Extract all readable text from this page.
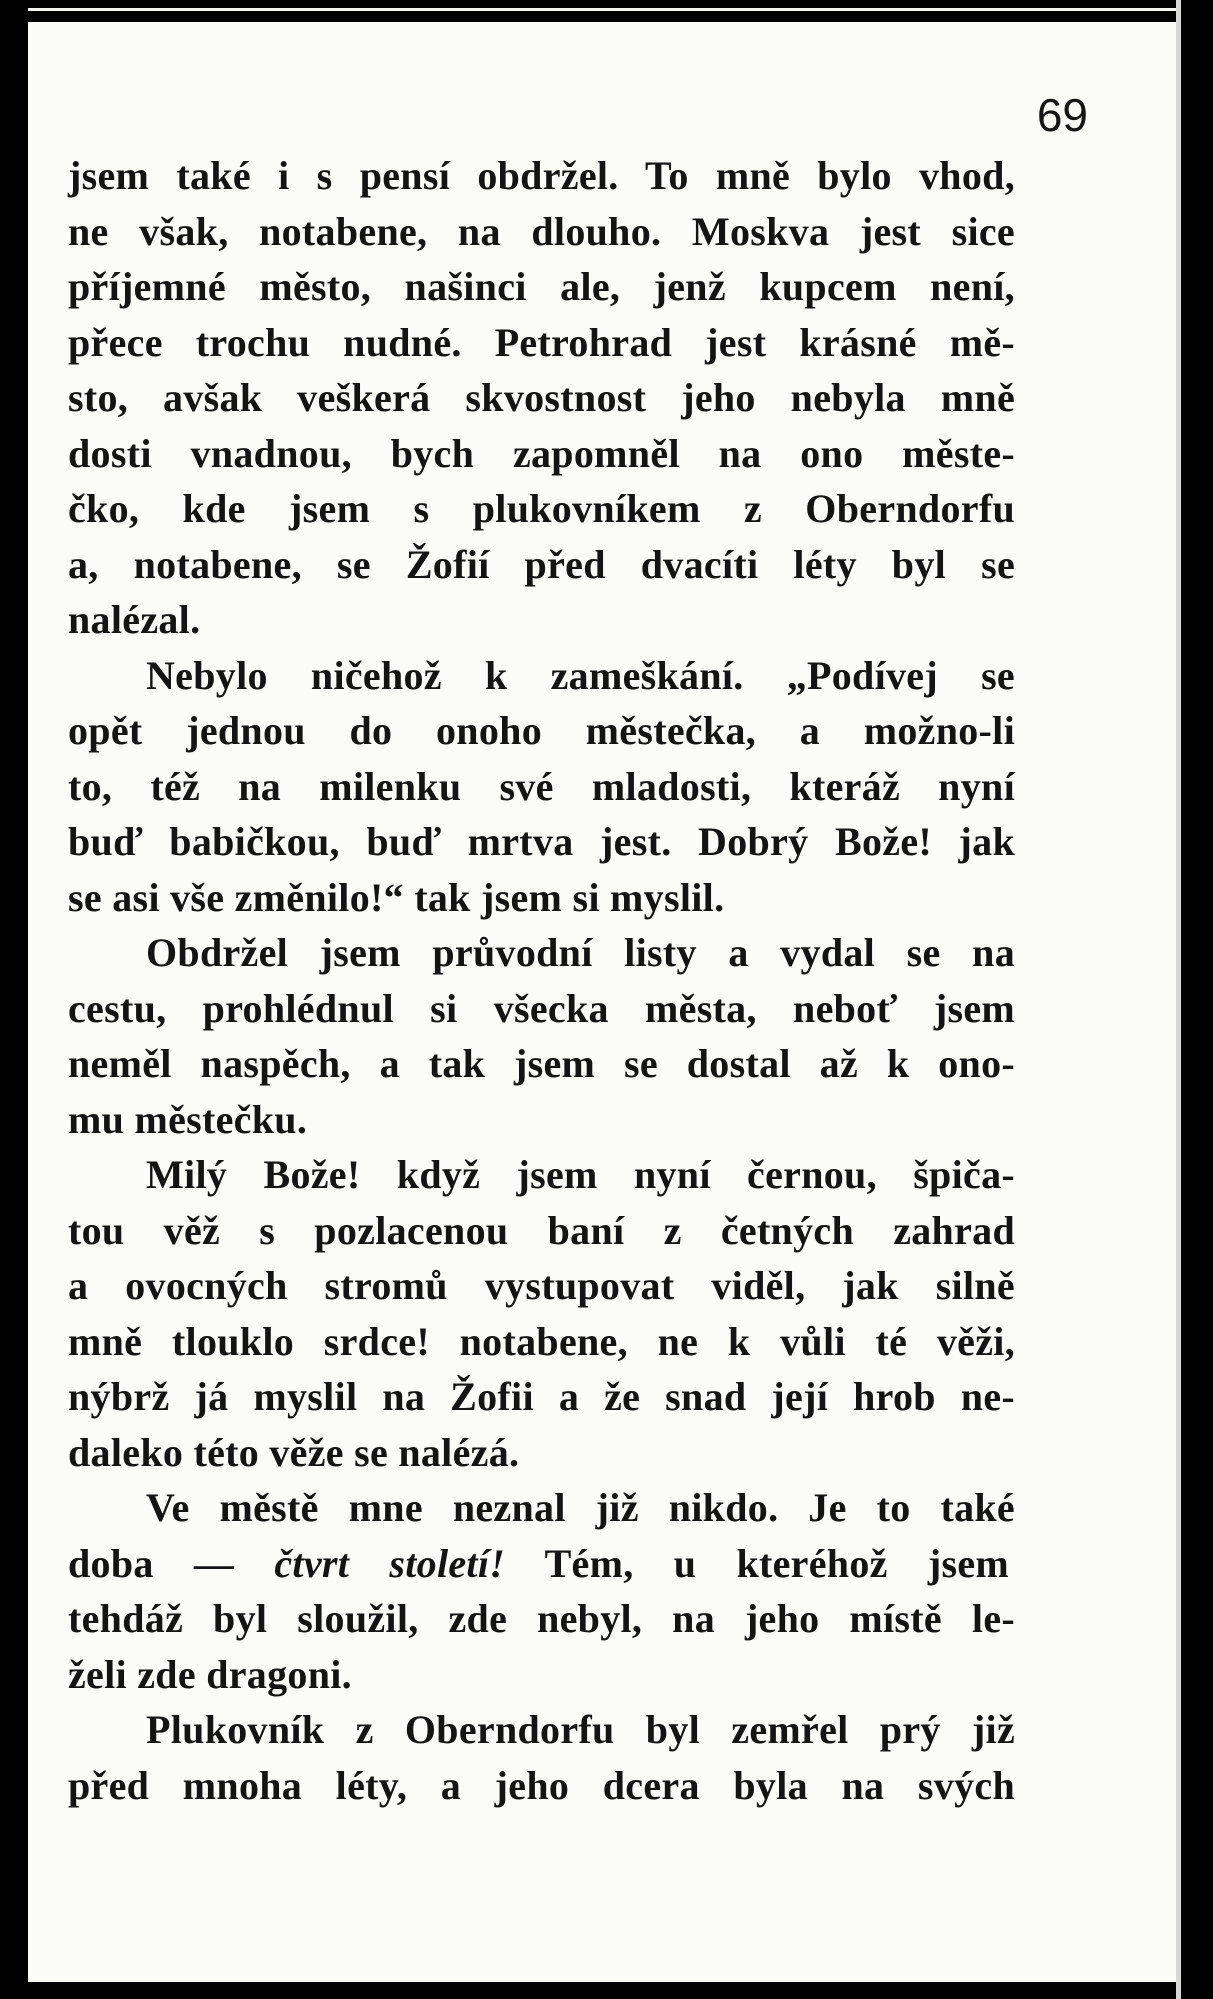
69
jsem také i s pensí obdržel. To mně bylo vhod,
ne však, notabene, na dlouho. Moskva jest sice
příjemné město, našinci ale, jenž kupcem není,
přece trochu nudné. Petrohrad jest krásné mě-
sto, avšak veškerá skvostnost jeho nebyla mně
dosti vnadnou, bych zapomněl na ono měste-
čko, kde jsem s plukovníkem z Oberndorfu
a, notabene, se Žofií před dvacíti léty byl se
nalézal.
Nebylo ničehož k zameškání. „Podívej se
opět jednou do onoho městečka, a možno-li
to, též na milenku své mladosti, kteráž nyní
buď babičkou, buď mrtva jest. Dobrý Bože! jak
se asi vše změnilo!“ tak jsem si myslil.
Obdržel jsem průvodní listy a vydal se na
cestu, prohlédnul si všecka města, neboť jsem
neměl naspěch, a tak jsem se dostal až k ono-
mu městečku.
Milý Bože! když jsem nyní černou, špiča-
tou věž s pozlacenou baní z četných zahrad
a ovocných stromů vystupovat viděl, jak silně
mně tlouklo srdce! notabene, ne k vůli té věži,
nýbrž já myslil na Žofii a že snad její hrob ne-
daleko této věže se nalézá.
Ve městě mne neznal již nikdo. Je to také
doba — čtvrt století! Tém, u kteréhož jsem
tehdáž byl sloužil, zde nebyl, na jeho místě le-
želi zde dragoni.
Plukovník z Oberndorfu byl zemřel prý již
před mnoha léty, a jeho dcera byla na svých
